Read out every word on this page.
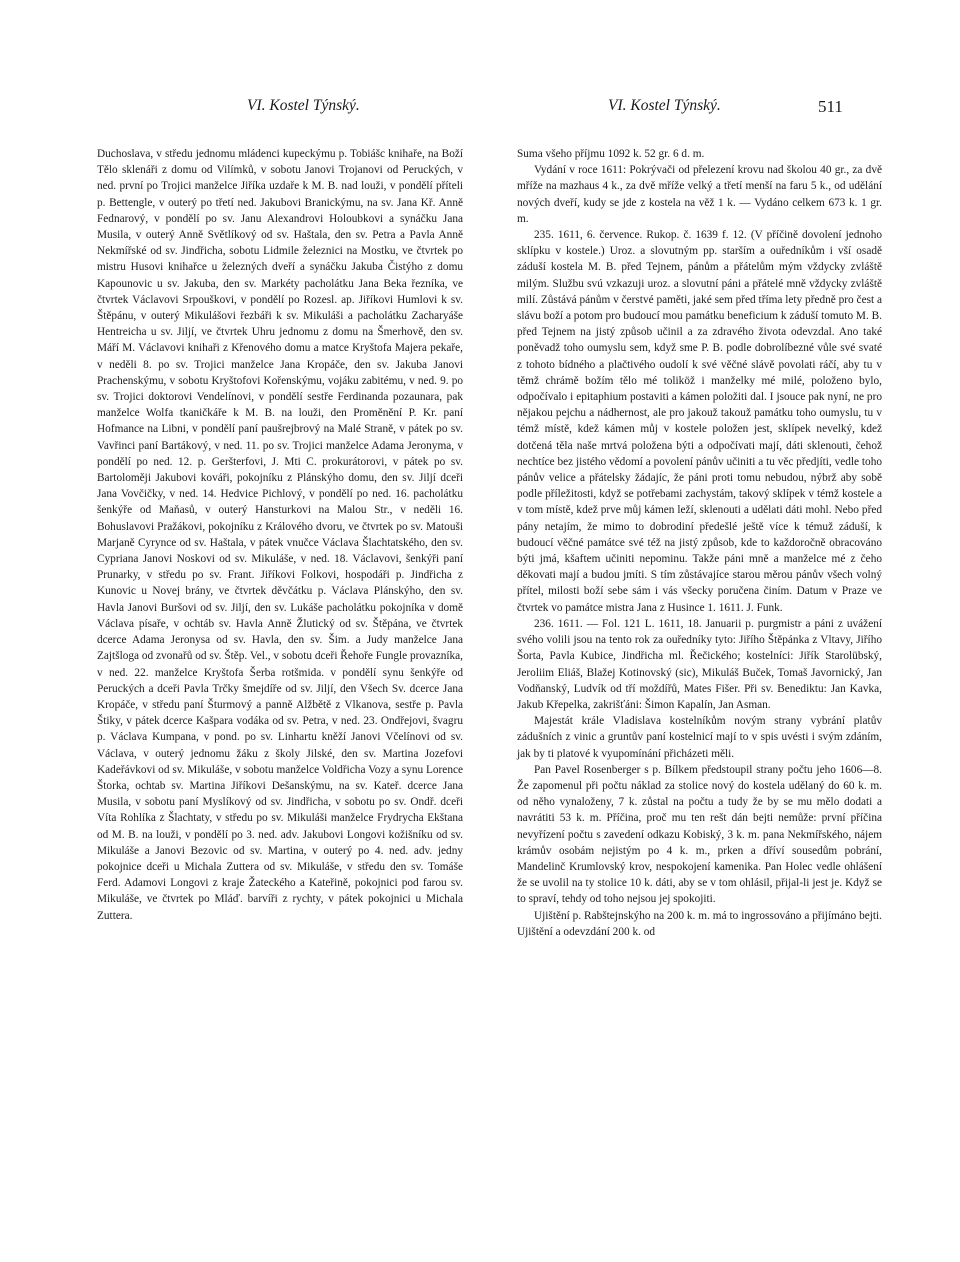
VI. Kostel Týnský.	VI. Kostel Týnský.	511

Duchoslava, v středu jednomu mládenci kupeckýmu p. Tobiášc knihaře, na Boží Tělo sklenáři z domu od Vilímků, v sobotu Janovi Trojanovi od Peruckých, v ned. první po Trojici manželce Jiříka uzdaře k M. B. nad louži, v pondělí příteli p. Bettengle, v outerý po třetí ned. Jakubovi Branickýmu, na sv. Jana Kř. Anně Fednarový, v pondělí po sv. Janu Alexandrovi Holoubkovi a synáčku Jana Musila, v outerý Anně Světlíkový od sv. Haštala, den sv. Petra a Pavla Anně Nekmířské od sv. Jindřicha, sobotu Lidmile železnici na Mostku, ve čtvrtek po mistru Husovi knihařce u železných dveří a synáčku Jakuba Čistýho z domu Kapounovic u sv. Jakuba, den sv. Markéty pacholátku Jana Beka řezníka, ve čtvrtek Václavovi Srpouškovi, v pondělí po Rozesl. ap. Jiříkovi Humlovi k sv. Štěpánu, v outerý Mikulášovi řezbáři k sv. Mikuláši a pacholátku Zacharyáše Hentreicha u sv. Jiljí, ve čtvrtek Uhru jednomu z domu na Šmerhově, den sv. Máří M. Václavovi knihaři z Křenového domu a matce Kryštofa Majera pekaře, v neděli 8. po sv. Trojici manželce Jana Kropáče, den sv. Jakuba Janovi Prachenskýmu, v sobotu Kryštofovi Kořenskýmu, vojáku zabitému, v ned. 9. po sv. Trojici doktorovi Vendelínovi, v pondělí sestře Ferdinanda pozaunara, pak manželce Wolfa tkaničkáře k M. B. na louži, den Proměnění P. Kr. paní Hofmance na Libni, v pondělí paní paušrejbrový na Malé Straně, v pátek po sv. Vavřinci paní Bartákový, v ned. 11. po sv. Trojici manželce Adama Jeronyma, v pondělí po ned. 12. p. Geršterfovi, J. Mti C. prokurátorovi, v pátek po sv. Bartoloměji Jakubovi kováři, pokojníku z Plánskýho domu, den sv. Jiljí dceři Jana Vovčičky, v ned. 14. Hedvice Pichlový, v pondělí po ned. 16. pacholátku šenkýře od Maňasů, v outerý Hansturkovi na Malou Str., v neděli 16. Bohuslavovi Pražákovi, pokojníku z Králového dvoru, ve čtvrtek po sv. Matouši Marjaně Cyrynce od sv. Haštala, v pátek vnučce Václava Šlachtatského, den sv. Cypriana Janovi Noskovi od sv. Mikuláše, v ned. 18. Václavovi, šenkýři paní Prunarky, v středu po sv. Frant. Jiříkovi Folkovi, hospodáři p. Jindřicha z Kunovic u Novej brány, ve čtvrtek děvčátku p. Václava Plánskýho, den sv. Havla Janovi Buršovi od sv. Jiljí, den sv. Lukáše pacholátku pokojníka v domě Václava písaře, v ochtáb sv. Havla Anně Žlutický od sv. Štěpána, ve čtvrtek dcerce Adama Jeronysa od sv. Havla, den sv. Šim. a Judy manželce Jana Zajtšloga od zvonařů od sv. Štěp. Vel., v sobotu dceři Řehoře Fungle provazníka, v ned. 22. manželce Kryštofa Šerba rotšmida. v pondělí synu šenkýře od Peruckých a dceři Pavla Trčky šmejdíře od sv. Jiljí, den Všech Sv. dcerce Jana Kropáče, v středu paní Šturmový a panně Alžbětě z Vlkanova, sestře p. Pavla Štiky, v pátek dcerce Kašpara vodáka od sv. Petra, v ned. 23. Ondřejovi, švagru p. Václava Kumpana, v pond. po sv. Linhartu kněží Janovi Včelínovi od sv. Václava, v outerý jednomu žáku z školy Jilské, den sv. Martina Jozefovi Kadeřávkovi od sv. Mikuláše, v sobotu manželce Voldřicha Vozy a synu Lorence Štorka, ochtab sv. Martina Jiříkovi Dešanskýmu, na sv. Kateř. dcerce Jana Musila, v sobotu paní Myslíkový od sv. Jindřicha, v sobotu po sv. Ondř. dceři Víta Rohlíka z Šlachtaty, v středu po sv. Mikuláši manželce Frydrycha Ekštana od M. B. na louži, v pondělí po 3. ned. adv. Jakubovi Longovi kožišníku od sv. Mikuláše a Janovi Bezovic od sv. Martina, v outerý po 4. ned. adv. jedny pokojnice dceři u Michala Zuttera od sv. Mikuláše, v středu den sv. Tomáše Ferd. Adamovi Longovi z kraje Žateckého a Kateřině, pokojnici pod farou sv. Mikuláše, ve čtvrtek po Mláď. barvíři z rychty, v pátek pokojnici u Michala Zuttera.

Suma všeho příjmu 1092 k. 52 gr. 6 d. m.

Vydání v roce 1611: Pokrývači od přelezení krovu nad školou 40 gr., za dvě mříže na mazhaus 4 k., za dvě mříže velký a třetí menší na faru 5 k., od udělání nových dveří, kudy se jde z kostela na věž 1 k. — Vydáno celkem 673 k. 1 gr. m.

235. 1611, 6. července. Rukop. č. 1639 f. 12. (V příčině dovolení jednoho sklípku v kostele.) Uroz. a slovutným pp. starším a ouředníkům i vší osadě záduší kostela M. B. před Tejnem, pánům a přátelům mým vždycky zvláště milým. Službu svú vzkazuji uroz. a slovutní páni a přátelé mně vždycky zvláště milí. Zůstává pánům v čerstvé paměti, jaké sem před třímа lety předně pro čest a slávu boží a potom pro budoucí mou památku beneficium k záduší tomuto M. B. před Tejnem na jistý způsob učinil a za zdravého života odevzdal. Ano také poněvadž toho oumyslu sem, když sme P. B. podle dobrolíbezné vůle své svaté z tohoto bídného a plačtivého oudolí k své věčné slávě povolati ráčí, aby tu v těmž chrámě božím tělo mé toliköž i manželky mé milé, položeno bylo, odpočívalo i epitaphium postaviti a kámen položiti dal. I jsouce pak nyní, ne pro nějakou pejchu a nádhernost, ale pro jakouž takouž památku toho oumyslu, tu v témž místě, kdež kámen můj v kostele položen jest, sklípek nevelký, kdež dotčená těla naše mrtvá položena býti a odpočívati mají, dáti sklenouti, čehož nechtíce bez jistého vědomí a povolení pánův učiniti a tu věc předjíti, vedle toho pánův velice a přátelsky žádajíc, že páni proti tomu nebudou, nýbrž aby sobě podle příležitosti, když se potřebami zachystám, takový sklípek v témž kostele a v tom místě, kdež prve můj kámen leží, sklenouti a udělati dáti mohl. Nebo před pány netajím, že mimo to dobrodiní předešlé ještě více k témuž záduší, k budoucí věčné památce své též na jistý způsob, kde to každoročně obracováno býti jmá, kšaftem učiniti nepominu. Takže páni mně a manželce mé z čeho děkovati mají a budou jmíti. S tím zůstávajíce starou měrou pánův všech volný přítel, milosti boží sebe sám i vás všecky poručena činím. Datum v Praze ve čtvrtek vo památce mistra Jana z Husince 1. 1611. J. Funk.

236. 1611. — Fol. 121 L. 1611, 18. Januarii p. purgmistr a páni z uvážení svého volili jsou na tento rok za ouředníky tyto: Jiřího Štěpánka z Vltavy, Jiřího Šorta, Pavla Kubice, Jindřicha ml. Řečického; kostelníci: Jiřík Starolübský, Jeroliim Eliáš, Blažej Kotinovský (sic), Mikuláš Buček, Tomaš Javornický, Jan Vodňanský, Ludvík od tří moždířů, Mates Fišer. Při sv. Benediktu: Jan Kavka, Jakub Křepelka, zakrišťáni: Šimon Kapalín, Jan Asman.

Majestát krále Vladislava kostelníkům novým strany vybrání platův zádušních z vinic a gruntův paní kostelnicí mají to v spis uvésti i svým zdáním, jak by ti platové k vyupomínání přicházeti měli.

Pan Pavel Rosenberger s p. Bílkem předstoupil strany počtu jeho 1606—8. Že zapomenul při počtu náklad za stolice nový do kostela udělaný do 60 k. m. od něho vynaloženy, 7 k. zůstal na počtu a tudy že by se mu mělo dodati a navrátiti 53 k. m. Příčina, proč mu ten rešt dán bejti nemůže: první příčina nevyřízení počtu s zavedení odkazu Kobiský, 3 k. m. pana Nekmířského, nájem krámův osobám nejistým po 4 k. m., prken a dříví sousedům pobrání, Mandelinč Krumlovský krov, nespokojení kamenika. Pan Holec vedle ohlášení že se uvolil na ty stolice 10 k. dáti, aby se v tom ohlásil, přijal-li jest je. Když se to spraví, tehdy od toho nejsou jej spokojiti.

Ujištění p. Rabštejnskýho na 200 k. m. má to ingrossováno a přijímáno bejti. Ujištění a odevzdání 200 k. od
